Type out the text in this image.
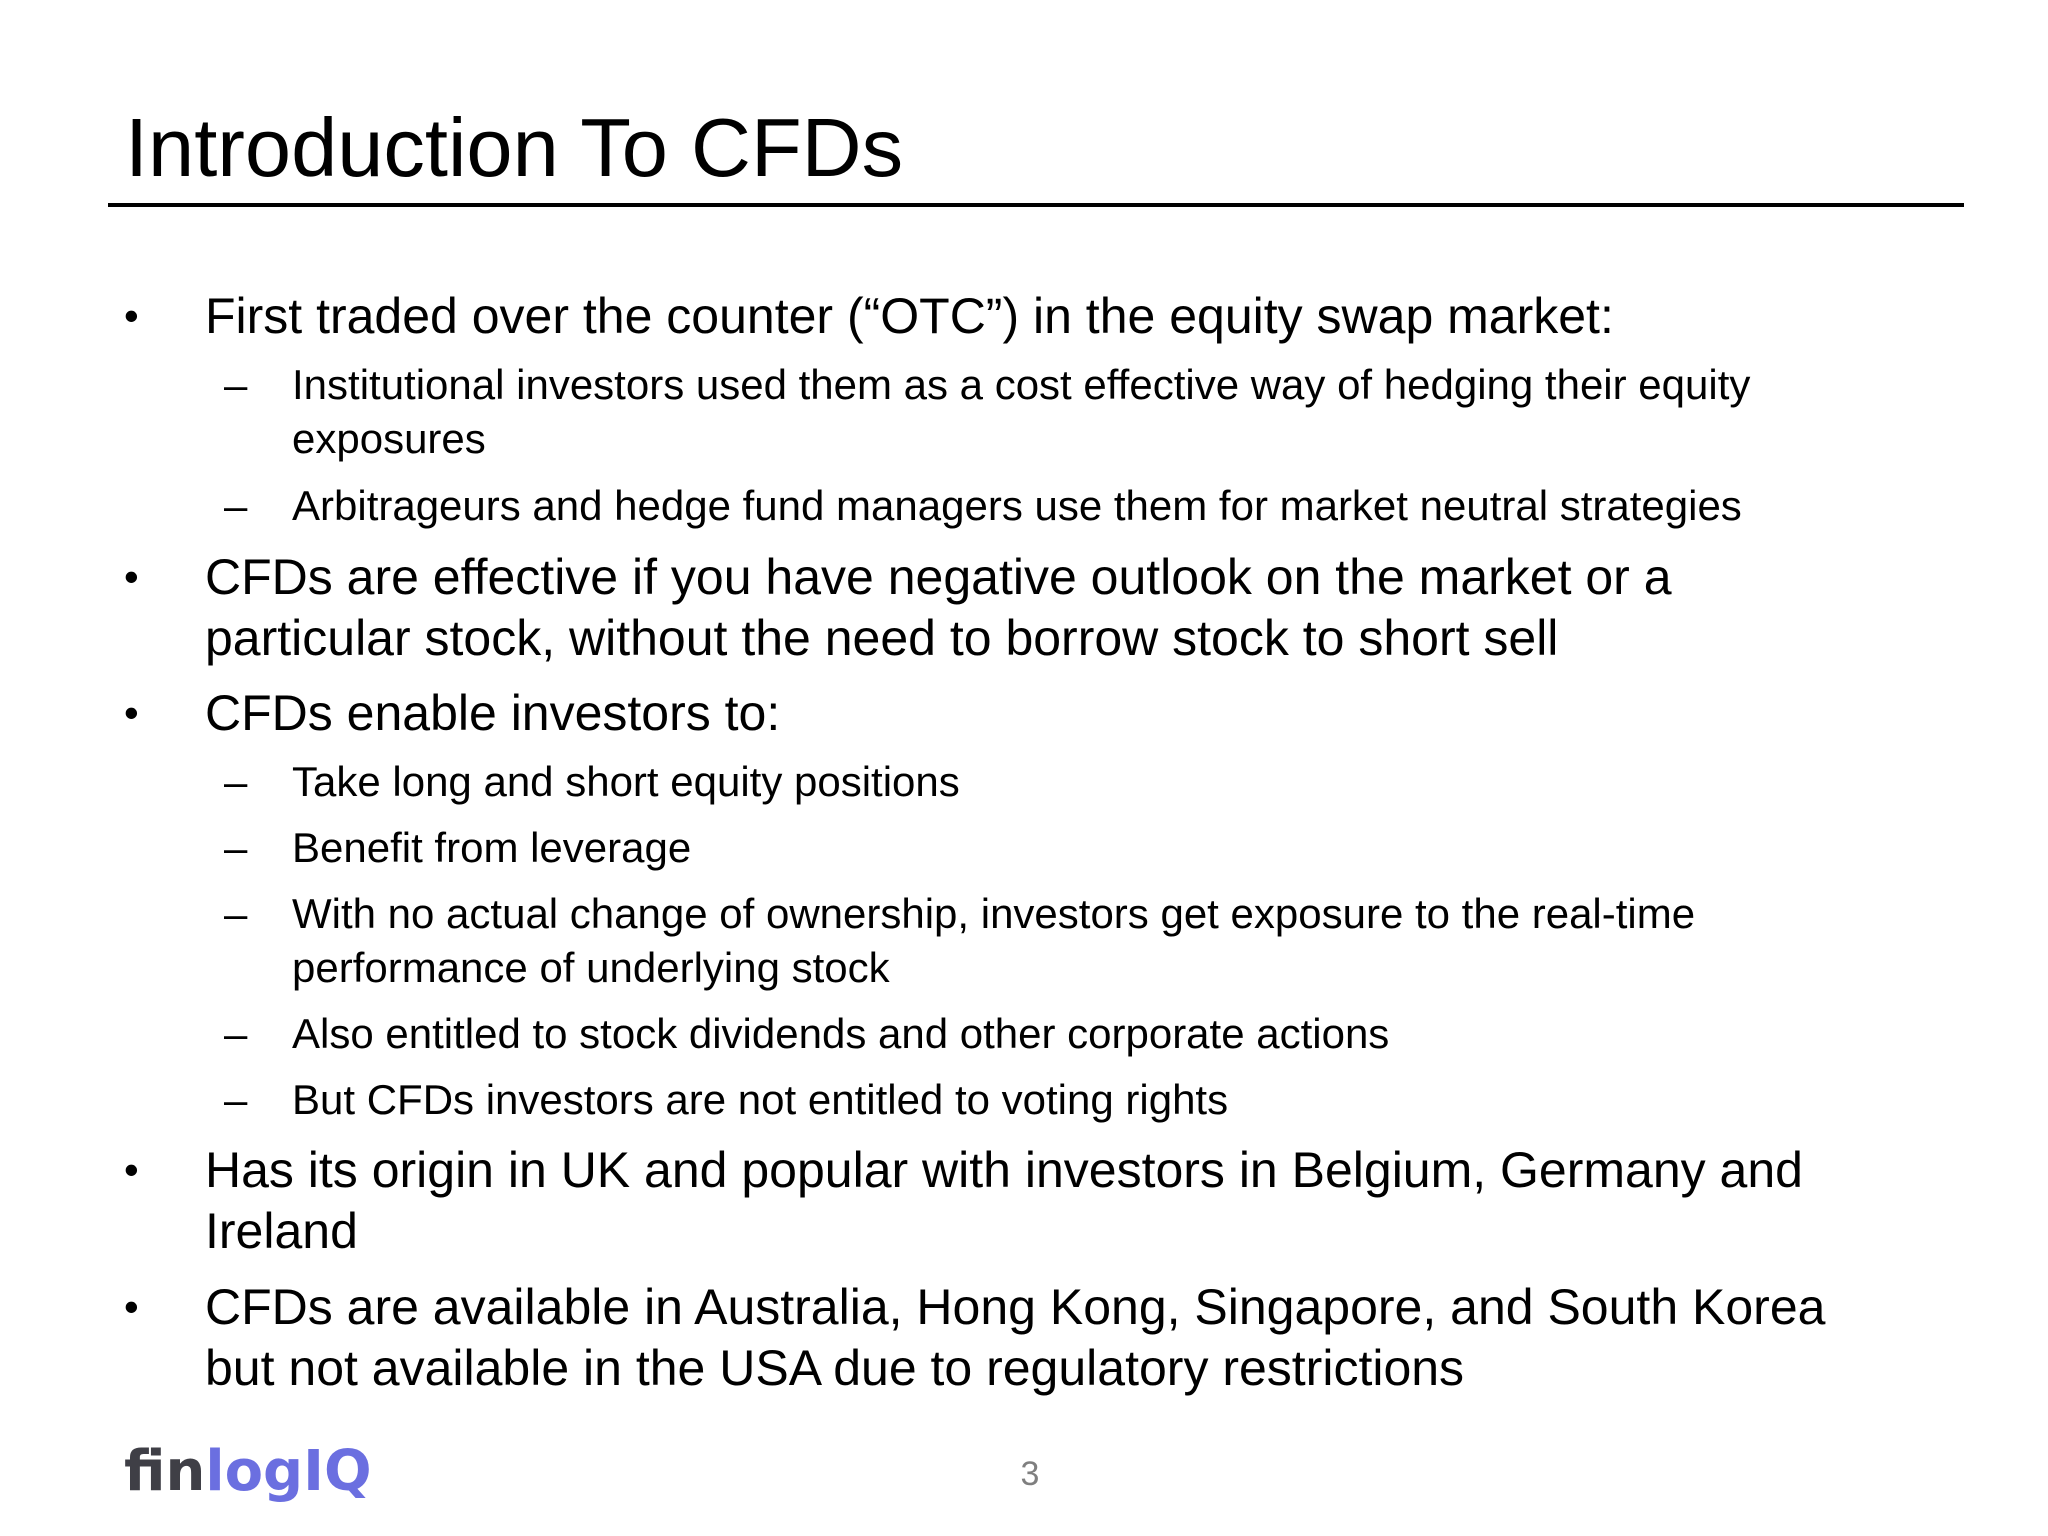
Introduction To CFDs
• First traded over the counter (“OTC”) in the equity swap market:
– Institutional investors used them as a cost effective way of hedging their equity
exposures
– Arbitrageurs and hedge fund managers use them for market neutral strategies
• CFDs are effective if you have negative outlook on the market or a
particular stock, without the need to borrow stock to short sell
• CFDs enable investors to:
– Take long and short equity positions
– Benefit from leverage
– With no actual change of ownership, investors get exposure to the real-time
performance of underlying stock
– Also entitled to stock dividends and other corporate actions
– But CFDs investors are not entitled to voting rights
• Has its origin in UK and popular with investors in Belgium, Germany and
Ireland
• CFDs are available in Australia, Hong Kong, Singapore, and South Korea
but not available in the USA due to regulatory restrictions
finlogIQ	3
